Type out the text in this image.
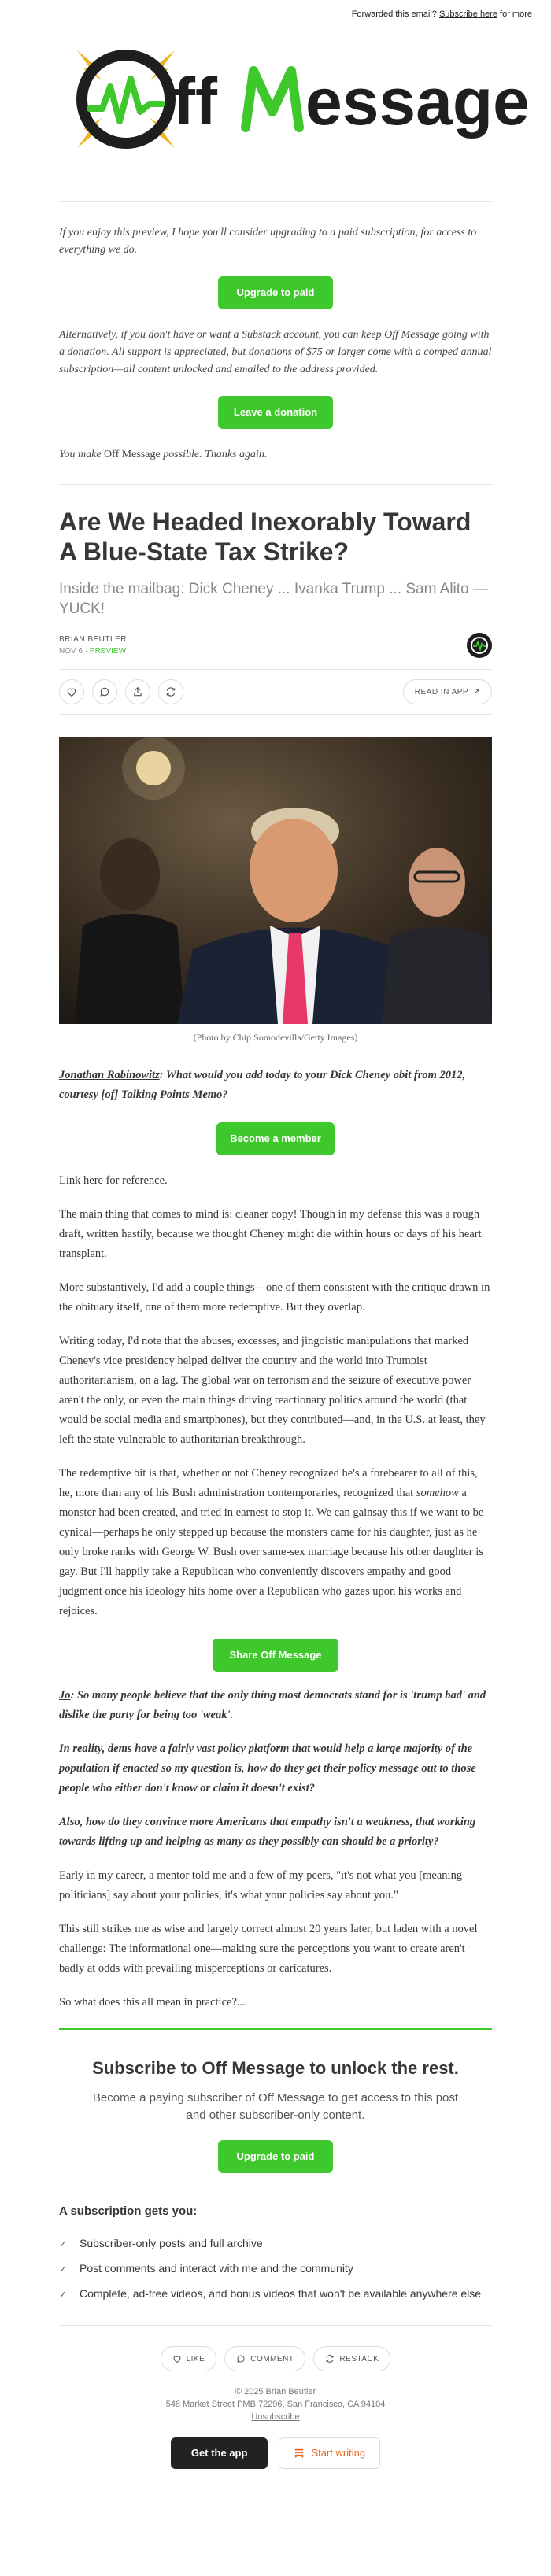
Forwarded this email? Subscribe here for more
ff essage

If you enjoy this preview, I hope you'll consider upgrading to a paid subscription, for access to everything we do.

Upgrade to paid

Alternatively, if you don't have or want a Substack account, you can keep Off Message going with a donation. All support is appreciated, but donations of $75 or larger come with a comped annual subscription—all content unlocked and emailed to the address provided.

Leave a donation

You make Off Message possible. Thanks again.

Are We Headed Inexorably Toward A Blue-State Tax Strike?

Inside the mailbag: Dick Cheney ... Ivanka Trump ... Sam Alito — YUCK!

BRIAN BEUTLER
NOV 6 · PREVIEW
READ IN APP ↗

(Photo by Chip Somodevilla/Getty Images)

Jonathan Rabinowitz: What would you add today to your Dick Cheney obit from 2012, courtesy [of] Talking Points Memo?

Become a member

Link here for reference.

The main thing that comes to mind is: cleaner copy! Though in my defense this was a rough draft, written hastily, because we thought Cheney might die within hours or days of his heart transplant.

More substantively, I'd add a couple things—one of them consistent with the critique drawn in the obituary itself, one of them more redemptive. But they overlap.

Writing today, I'd note that the abuses, excesses, and jingoistic manipulations that marked Cheney's vice presidency helped deliver the country and the world into Trumpist authoritarianism, on a lag. The global war on terrorism and the seizure of executive power aren't the only, or even the main things driving reactionary politics around the world (that would be social media and smartphones), but they contributed—and, in the U.S. at least, they left the state vulnerable to authoritarian breakthrough.

The redemptive bit is that, whether or not Cheney recognized he's a forebearer to all of this, he, more than any of his Bush administration contemporaries, recognized that somehow a monster had been created, and tried in earnest to stop it. We can gainsay this if we want to be cynical—perhaps he only stepped up because the monsters came for his daughter, just as he only broke ranks with George W. Bush over same-sex marriage because his other daughter is gay. But I'll happily take a Republican who conveniently discovers empathy and good judgment once his ideology hits home over a Republican who gazes upon his works and rejoices.

Share Off Message

Jo: So many people believe that the only thing most democrats stand for is 'trump bad' and dislike the party for being too 'weak'.

In reality, dems have a fairly vast policy platform that would help a large majority of the population if enacted so my question is, how do they get their policy message out to those people who either don't know or claim it doesn't exist?

Also, how do they convince more Americans that empathy isn't a weakness, that working towards lifting up and helping as many as they possibly can should be a priority?

Early in my career, a mentor told me and a few of my peers, "it's not what you [meaning politicians] say about your policies, it's what your policies say about you."

This still strikes me as wise and largely correct almost 20 years later, but laden with a novel challenge: The informational one—making sure the perceptions you want to create aren't badly at odds with prevailing misperceptions or caricatures.

So what does this all mean in practice?...

Subscribe to Off Message to unlock the rest.

Become a paying subscriber of Off Message to get access to this post and other subscriber-only content.

Upgrade to paid

A subscription gets you:

✓ Subscriber-only posts and full archive
✓ Post comments and interact with me and the community
✓ Complete, ad-free videos, and bonus videos that won't be available anywhere else
LIKE	COMMENT	RESTACK

© 2025 Brian Beutler

548 Market Street PMB 72296, San Francisco, CA 94104

Unsubscribe

Get the app	Start writing
